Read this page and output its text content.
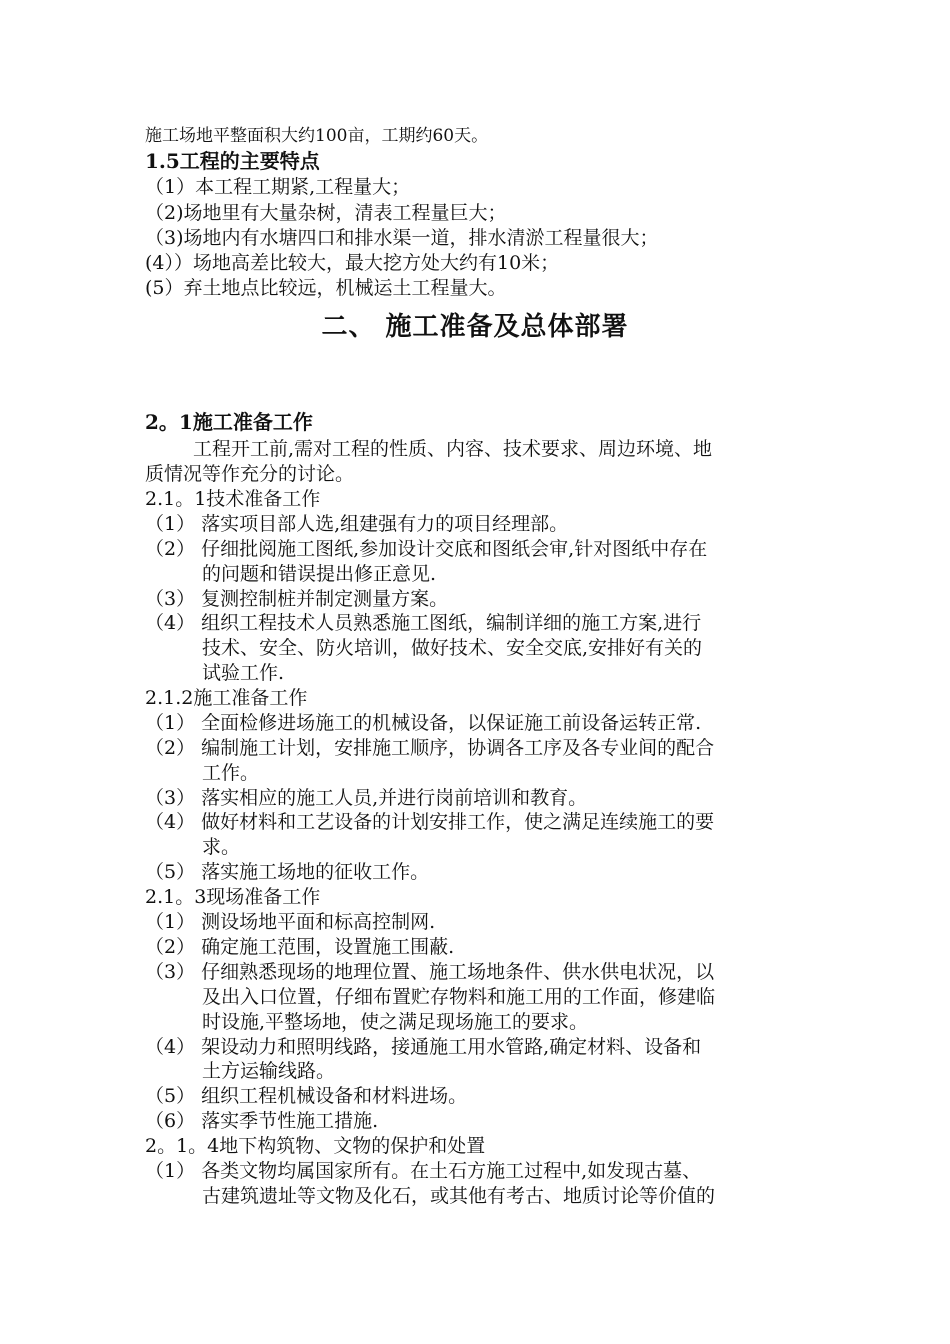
施工场地平整面积大约100亩，工期约60天。
1.5工程的主要特点
（1）本工程工期紧,工程量大；
（2)场地里有大量杂树，清表工程量巨大；
（3)场地内有水塘四口和排水渠一道，排水清淤工程量很大；
(4））场地高差比较大，最大挖方处大约有10米；
(5）弃土地点比较远，机械运土工程量大。
二、 施工准备及总体部署
2。1施工准备工作
工程开工前,需对工程的性质、内容、技术要求、周边环境、地
质情况等作充分的讨论。
2.1。1技术准备工作
（1） 落实项目部人选,组建强有力的项目经理部。
（2） 仔细批阅施工图纸,参加设计交底和图纸会审,针对图纸中存在
的问题和错误提出修正意见.
（3） 复测控制桩并制定测量方案。
（4） 组织工程技术人员熟悉施工图纸，编制详细的施工方案,进行
技术、安全、防火培训，做好技术、安全交底,安排好有关的
试验工作.
2.1.2施工准备工作
（1） 全面检修进场施工的机械设备，以保证施工前设备运转正常.
（2） 编制施工计划，安排施工顺序，协调各工序及各专业间的配合
工作。
（3） 落实相应的施工人员,并进行岗前培训和教育。
（4） 做好材料和工艺设备的计划安排工作，使之满足连续施工的要
求。
（5） 落实施工场地的征收工作。
2.1。3现场准备工作
（1） 测设场地平面和标高控制网.
（2） 确定施工范围，设置施工围蔽.
（3） 仔细熟悉现场的地理位置、施工场地条件、供水供电状况，以
及出入口位置，仔细布置贮存物料和施工用的工作面，修建临
时设施,平整场地，使之满足现场施工的要求。
（4） 架设动力和照明线路，接通施工用水管路,确定材料、设备和
土方运输线路。
（5） 组织工程机械设备和材料进场。
（6） 落实季节性施工措施.
2。1。4地下构筑物、文物的保护和处置
（1） 各类文物均属国家所有。在土石方施工过程中,如发现古墓、
古建筑遗址等文物及化石，或其他有考古、地质讨论等价值的
